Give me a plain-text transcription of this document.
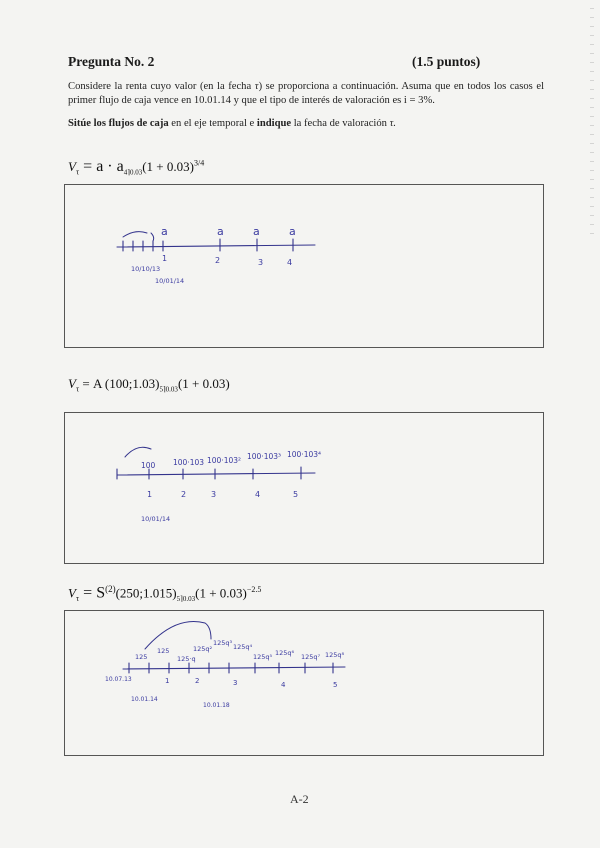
Pregunta No. 2	(1.5 puntos)
Considere la renta cuyo valor (en la fecha τ) se proporciona a continuación. Asuma que en todos los casos el primer flujo de caja vence en 10.01.14 y que el tipo de interés de valoración es i = 3%.
Sitúe los flujos de caja en el eje temporal e indique la fecha de valoración τ.
$V_\tau = a \cdot a_{4⌉0.03}(1 + 0.03)^{3/4}$
a	a	a	a
1	2	3	4
10/10/13
10/01/14
$V_\tau = A$ $(100;1.03)_{5⌉0.03}(1 + 0.03)$
100 100·103 100·103² 100·103³ 100·103⁴
1	2	3	4	5
10/01/14
$V_\tau$ = $S^{(2)}(250;1.015)_{5⌉0.03}(1 + 0.03)^{-2.5}$
125
125
125·q
125q²
125q³ 125q⁴
125q⁵ 125q⁶ 125q⁷ 125q⁸
1	2	3	4	5
10.07.13
10.01.14
10.01.18
A-2
